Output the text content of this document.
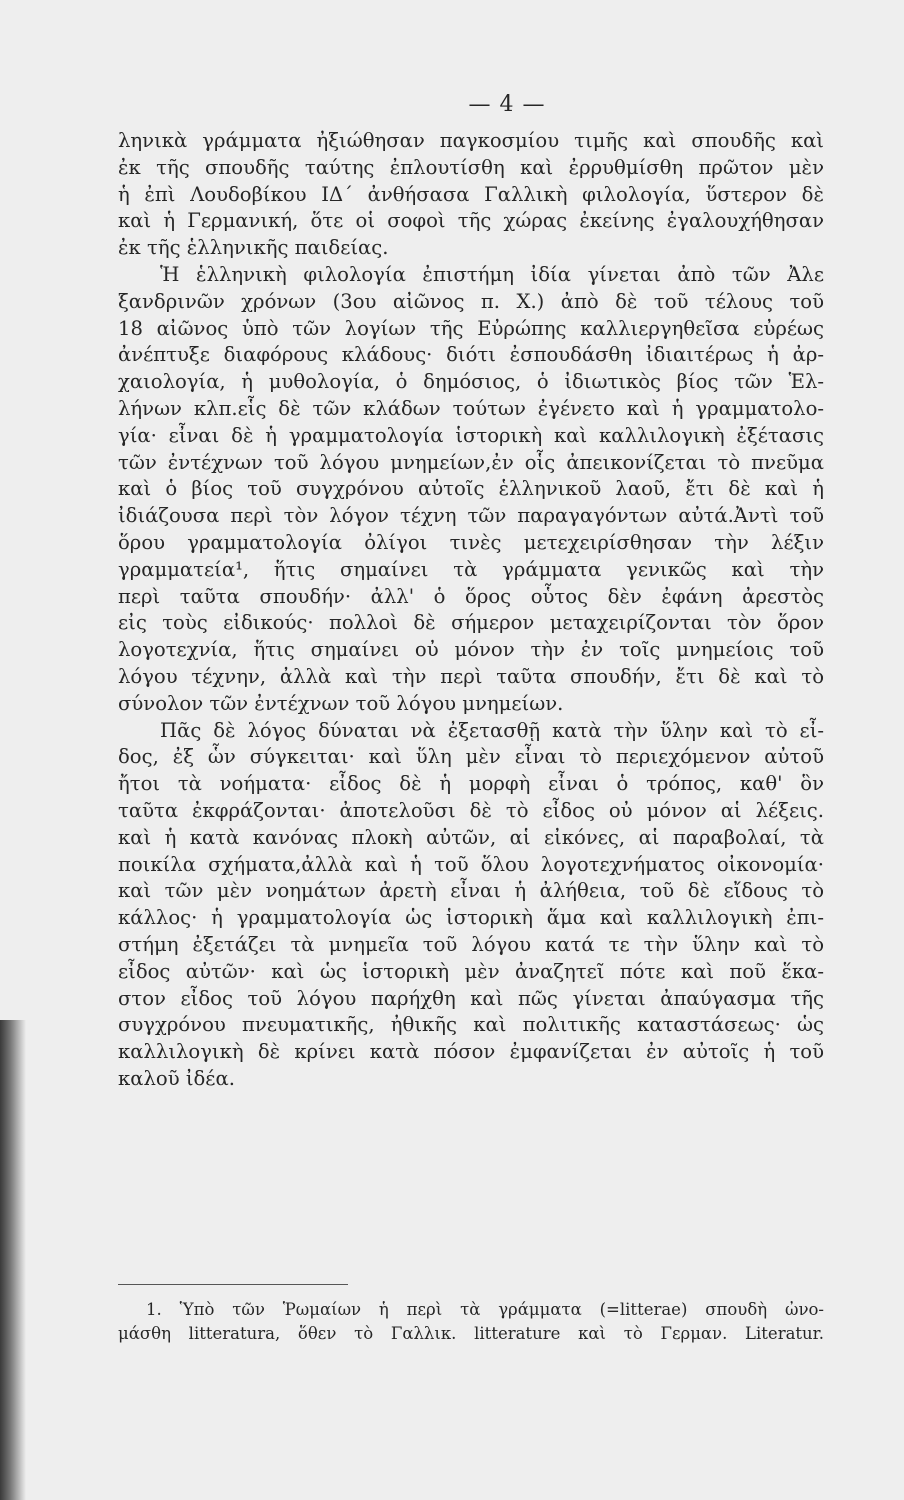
— 4 —
ληνικὰ γράμματα ἠξιώθησαν παγκοσμίου τιμῆς καὶ σπουδῆς καὶ
ἐκ τῆς σπουδῆς ταύτης ἐπλουτίσθη καὶ ἐρρυθμίσθη πρῶτον μὲν
ἡ ἐπὶ Λουδοβίκου ΙΔ΄ ἀνθήσασα Γαλλικὴ φιλολογία, ὕστερον δὲ
καὶ ἡ Γερμανική, ὅτε οἱ σοφοὶ τῆς χώρας ἐκείνης ἐγαλουχήθησαν
ἐκ τῆς ἑλληνικῆς παιδείας.
Ἡ ἑλληνικὴ φιλολογία ἐπιστήμη ἰδία γίνεται ἀπὸ τῶν Ἀλε
ξανδρινῶν χρόνων (3ου αἰῶνος π. Χ.) ἀπὸ δὲ τοῦ τέλους τοῦ
18 αἰῶνος ὑπὸ τῶν λογίων τῆς Εὐρώπης καλλιεργηθεῖσα εὐρέως
ἀνέπτυξε διαφόρους κλάδους· διότι ἐσπουδάσθη ἰδιαιτέρως ἡ ἀρ-
χαιολογία, ἡ μυθολογία, ὁ δημόσιος, ὁ ἰδιωτικὸς βίος τῶν Ἑλ-
λήνων κλπ.εἷς δὲ τῶν κλάδων τούτων ἐγένετο καὶ ἡ γραμματολο-
γία· εἶναι δὲ ἡ γραμματολογία ἱστορικὴ καὶ καλλιλογικὴ ἐξέτασις
τῶν ἐντέχνων τοῦ λόγου μνημείων,ἐν οἷς ἀπεικονίζεται τὸ πνεῦμα
καὶ ὁ βίος τοῦ συγχρόνου αὐτοῖς ἑλληνικοῦ λαοῦ, ἔτι δὲ καὶ ἡ
ἰδιάζουσα περὶ τὸν λόγον τέχνη τῶν παραγαγόντων αὐτά.Ἀντὶ τοῦ
ὅρου γραμματολογία ὀλίγοι τινὲς μετεχειρίσθησαν τὴν λέξιν
γραμματεία¹, ἥτις σημαίνει τὰ γράμματα γενικῶς καὶ τὴν
περὶ ταῦτα σπουδήν· ἀλλ' ὁ ὅρος οὗτος δὲν ἐφάνη ἀρεστὸς
εἰς τοὺς εἰδικούς· πολλοὶ δὲ σήμερον μεταχειρίζονται τὸν ὅρον
λογοτεχνία, ἥτις σημαίνει οὐ μόνον τὴν ἐν τοῖς μνημείοις τοῦ
λόγου τέχνην, ἀλλὰ καὶ τὴν περὶ ταῦτα σπουδήν, ἔτι δὲ καὶ τὸ
σύνολον τῶν ἐντέχνων τοῦ λόγου μνημείων.
Πᾶς δὲ λόγος δύναται νὰ ἐξετασθῇ κατὰ τὴν ὕλην καὶ τὸ εἶ-
δος, ἐξ ὧν σύγκειται· καὶ ὕλη μὲν εἶναι τὸ περιεχόμενον αὐτοῦ
ἤτοι τὰ νοήματα· εἶδος δὲ ἡ μορφὴ εἶναι ὁ τρόπος, καθ' ὃν
ταῦτα ἐκφράζονται· ἀποτελοῦσι δὲ τὸ εἶδος οὐ μόνον αἱ λέξεις.
καὶ ἡ κατὰ κανόνας πλοκὴ αὐτῶν, αἱ εἰκόνες, αἱ παραβολαί, τὰ
ποικίλα σχήματα,ἀλλὰ καὶ ἡ τοῦ ὅλου λογοτεχνήματος οἰκονομία·
καὶ τῶν μὲν νοημάτων ἀρετὴ εἶναι ἡ ἀλήθεια, τοῦ δὲ εἴδους τὸ
κάλλος· ἡ γραμματολογία ὡς ἱστορικὴ ἅμα καὶ καλλιλογικὴ ἐπι-
στήμη ἐξετάζει τὰ μνημεῖα τοῦ λόγου κατά τε τὴν ὕλην καὶ τὸ
εἶδος αὐτῶν· καὶ ὡς ἱστορικὴ μὲν ἀναζητεῖ πότε καὶ ποῦ ἕκα-
στον εἶδος τοῦ λόγου παρήχθη καὶ πῶς γίνεται ἀπαύγασμα τῆς
συγχρόνου πνευματικῆς, ἠθικῆς καὶ πολιτικῆς καταστάσεως· ὡς
καλλιλογικὴ δὲ κρίνει κατὰ πόσον ἐμφανίζεται ἐν αὐτοῖς ἡ τοῦ
καλοῦ ἰδέα.
1. Ὑπὸ τῶν Ῥωμαίων ἡ περὶ τὰ γράμματα (=litterae) σπουδὴ ὠνο-
μάσθη litteratura, ὅθεν τὸ Γαλλικ. litterature καὶ τὸ Γερμαν. Literatur.
